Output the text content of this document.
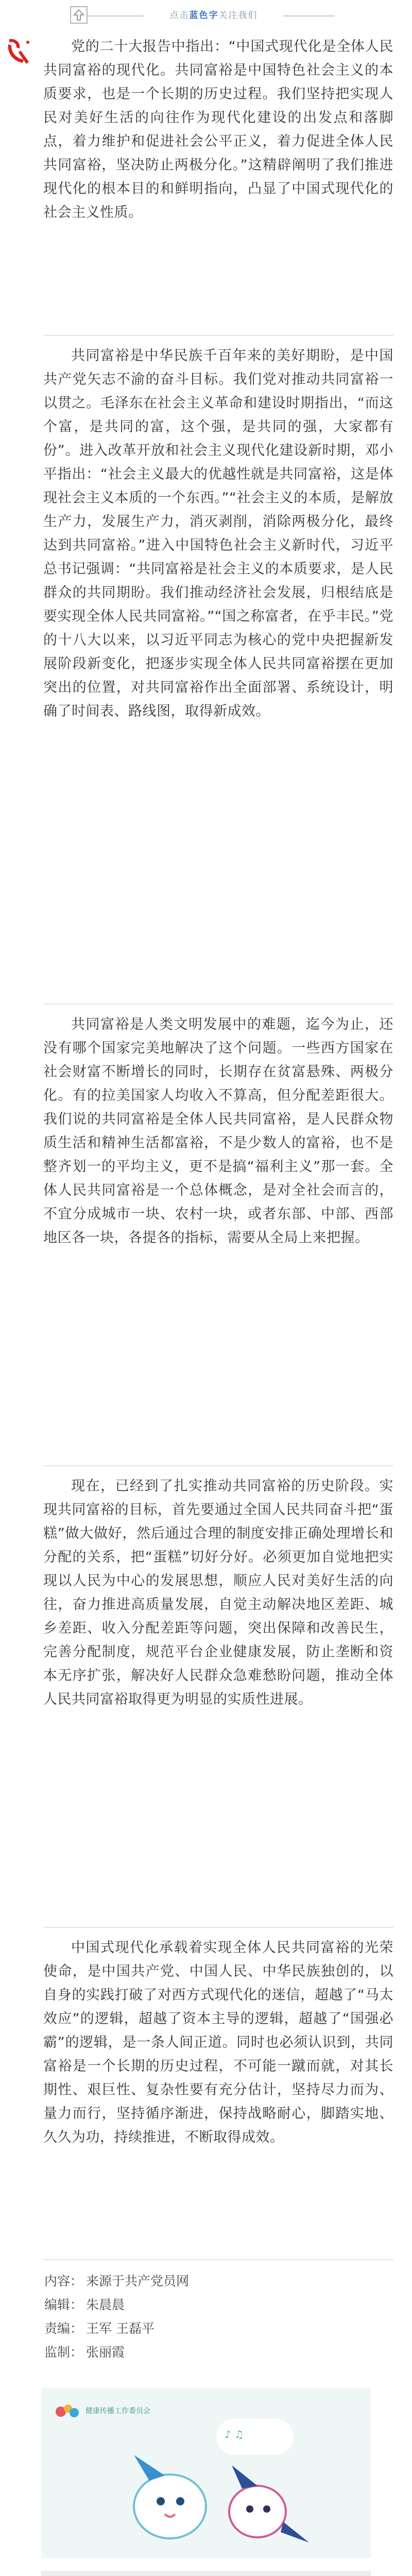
点击蓝色字关注我们

党的二十大报告中指出：“中国式现代化是全体人民共同富裕的现代化。共同富裕是中国特色社会主义的本质要求，也是一个长期的历史过程。我们坚持把实现人民对美好生活的向往作为现代化建设的出发点和落脚点，着力维护和促进社会公平正义，着力促进全体人民共同富裕，坚决防止两极分化。”这精辟阐明了我们推进现代化的根本目的和鲜明指向，凸显了中国式现代化的社会主义性质。

共同富裕是中华民族千百年来的美好期盼，是中国共产党矢志不渝的奋斗目标。我们党对推动共同富裕一以贯之。毛泽东在社会主义革命和建设时期指出，“而这个富，是共同的富，这个强，是共同的强，大家都有份”。进入改革开放和社会主义现代化建设新时期，邓小平指出：“社会主义最大的优越性就是共同富裕，这是体现社会主义本质的一个东西。”“社会主义的本质，是解放生产力，发展生产力，消灭剥削，消除两极分化，最终达到共同富裕。”进入中国特色社会主义新时代，习近平总书记强调：“共同富裕是社会主义的本质要求，是人民群众的共同期盼。我们推动经济社会发展，归根结底是要实现全体人民共同富裕。”“国之称富者，在乎丰民。”党的十八大以来，以习近平同志为核心的党中央把握新发展阶段新变化，把逐步实现全体人民共同富裕摆在更加突出的位置，对共同富裕作出全面部署、系统设计，明确了时间表、路线图，取得新成效。

共同富裕是人类文明发展中的难题，迄今为止，还没有哪个国家完美地解决了这个问题。一些西方国家在社会财富不断增长的同时，长期存在贫富悬殊、两极分化。有的拉美国家人均收入不算高，但分配差距很大。我们说的共同富裕是全体人民共同富裕，是人民群众物质生活和精神生活都富裕，不是少数人的富裕，也不是整齐划一的平均主义，更不是搞“福利主义”那一套。全体人民共同富裕是一个总体概念，是对全社会而言的，不宜分成城市一块、农村一块，或者东部、中部、西部地区各一块，各提各的指标，需要从全局上来把握。

现在，已经到了扎实推动共同富裕的历史阶段。实现共同富裕的目标，首先要通过全国人民共同奋斗把“蛋糕”做大做好，然后通过合理的制度安排正确处理增长和分配的关系，把“蛋糕”切好分好。必须更加自觉地把实现以人民为中心的发展思想，顺应人民对美好生活的向往，奋力推进高质量发展，自觉主动解决地区差距、城乡差距、收入分配差距等问题，突出保障和改善民生，完善分配制度，规范平台企业健康发展，防止垄断和资本无序扩张，解决好人民群众急难愁盼问题，推动全体人民共同富裕取得更为明显的实质性进展。

中国式现代化承载着实现全体人民共同富裕的光荣使命，是中国共产党、中国人民、中华民族独创的，以自身的实践打破了对西方式现代化的迷信，超越了“马太效应”的逻辑，超越了资本主导的逻辑，超越了“国强必霸”的逻辑，是一条人间正道。同时也必须认识到，共同富裕是一个长期的历史过程，不可能一蹴而就，对其长期性、艰巨性、复杂性要有充分估计，坚持尽力而为、量力而行，坚持循序渐进，保持战略耐心，脚踏实地、久久为功，持续推进，不断取得成效。

内容： 来源于共产党员网
编辑： 朱晨晨
责编： 王军 王磊平
监制： 张丽霞
健康传播工作委员会
♪ ♫
